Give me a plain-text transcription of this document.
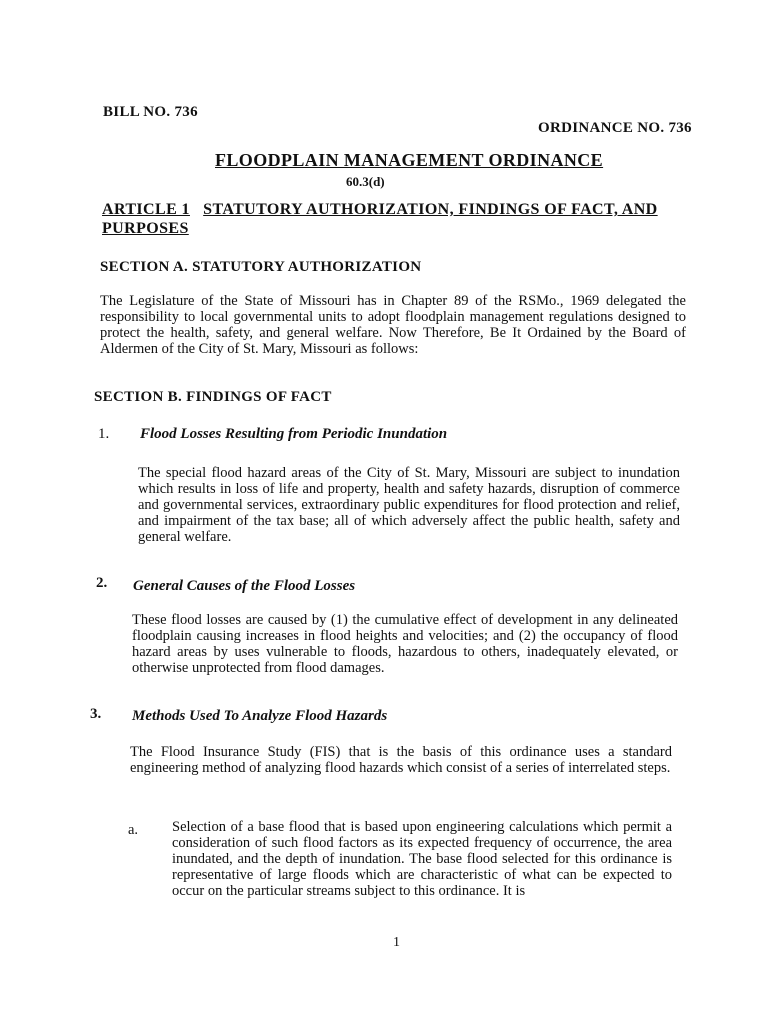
BILL NO. 736
ORDINANCE NO. 736
FLOODPLAIN MANAGEMENT ORDINANCE
60.3(d)
ARTICLE 1 STATUTORY AUTHORIZATION, FINDINGS OF FACT, AND PURPOSES
SECTION A. STATUTORY AUTHORIZATION
The Legislature of the State of Missouri has in Chapter 89 of the RSMo., 1969 delegated the responsibility to local governmental units to adopt floodplain management regulations designed to protect the health, safety, and general welfare. Now Therefore, Be It Ordained by the Board of Aldermen of the City of St. Mary, Missouri as follows:
SECTION B. FINDINGS OF FACT
1. Flood Losses Resulting from Periodic Inundation
The special flood hazard areas of the City of St. Mary, Missouri are subject to inundation which results in loss of life and property, health and safety hazards, disruption of commerce and governmental services, extraordinary public expenditures for flood protection and relief, and impairment of the tax base; all of which adversely affect the public health, safety and general welfare.
2. General Causes of the Flood Losses
These flood losses are caused by (1) the cumulative effect of development in any delineated floodplain causing increases in flood heights and velocities; and (2) the occupancy of flood hazard areas by uses vulnerable to floods, hazardous to others, inadequately elevated, or otherwise unprotected from flood damages.
3. Methods Used To Analyze Flood Hazards
The Flood Insurance Study (FIS) that is the basis of this ordinance uses a standard engineering method of analyzing flood hazards which consist of a series of interrelated steps.
a. Selection of a base flood that is based upon engineering calculations which permit a consideration of such flood factors as its expected frequency of occurrence, the area inundated, and the depth of inundation. The base flood selected for this ordinance is representative of large floods which are characteristic of what can be expected to occur on the particular streams subject to this ordinance. It is
1
